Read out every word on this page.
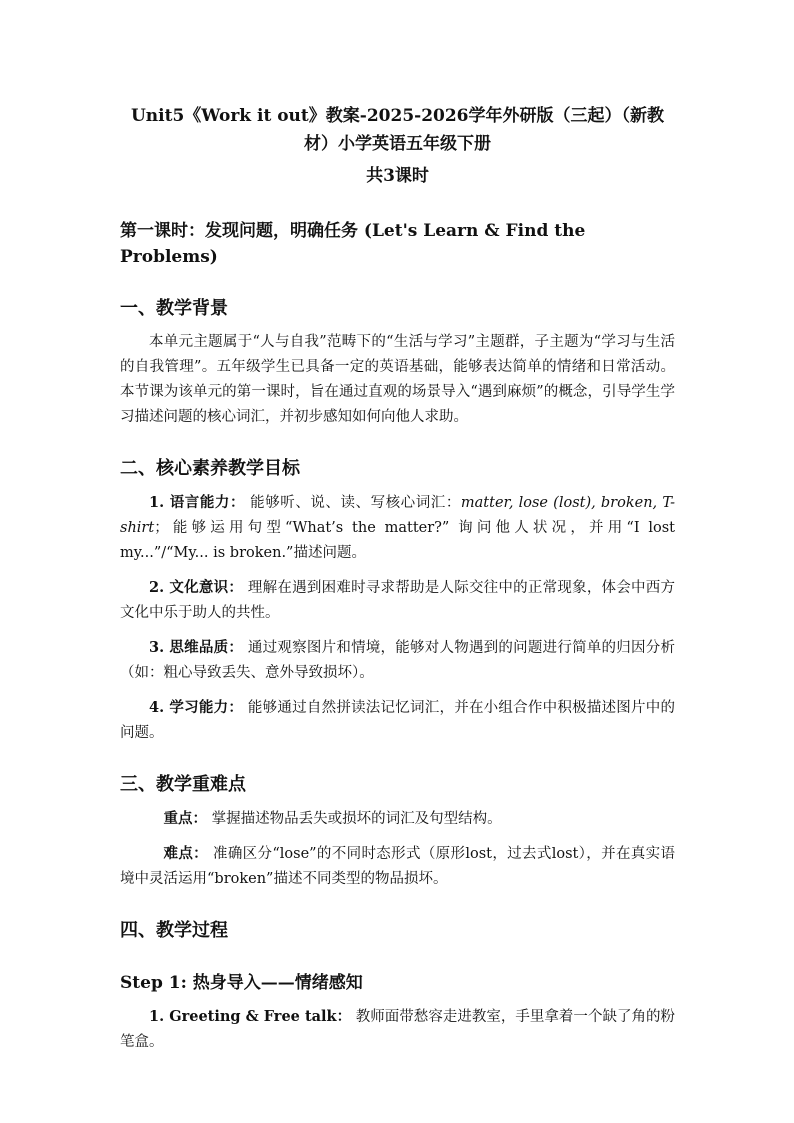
Unit5《Work it out》教案-2025-2026学年外研版（三起）（新教材）小学英语五年级下册

共3课时

第一课时：发现问题，明确任务 (Let's Learn & Find the Problems)

一、教学背景

本单元主题属于“人与自我”范畴下的“生活与学习”主题群，子主题为“学习与生活的自我管理”。五年级学生已具备一定的英语基础，能够表达简单的情绪和日常活动。本节课为该单元的第一课时，旨在通过直观的场景导入“遇到麻烦”的概念，引导学生学习描述问题的核心词汇，并初步感知如何向他人求助。

二、核心素养教学目标

1. 语言能力： 能够听、说、读、写核心词汇：matter, lose (lost), broken, T-shirt；能够运用句型“What’s the matter?” 询问他人状况，并用“I lost my...”/“My... is broken.”描述问题。

2. 文化意识： 理解在遇到困难时寻求帮助是人际交往中的正常现象，体会中西方文化中乐于助人的共性。

3. 思维品质： 通过观察图片和情境，能够对人物遇到的问题进行简单的归因分析（如：粗心导致丢失、意外导致损坏）。

4. 学习能力： 能够通过自然拼读法记忆词汇，并在小组合作中积极描述图片中的问题。

三、教学重难点

重点： 掌握描述物品丢失或损坏的词汇及句型结构。

难点： 准确区分“lose”的不同时态形式（原形lost，过去式lost），并在真实语境中灵活运用“broken”描述不同类型的物品损坏。

四、教学过程

Step 1: 热身导入——情绪感知

1. Greeting & Free talk： 教师面带愁容走进教室，手里拿着一个缺了角的粉笔盒。
